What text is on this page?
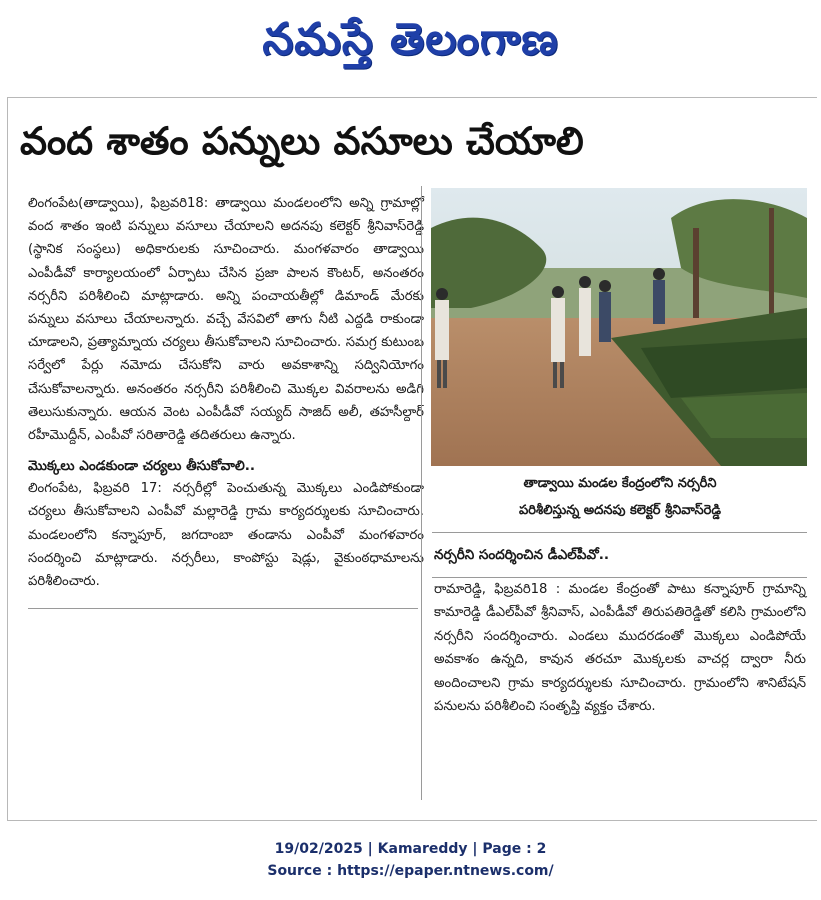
నమస్తే తెలంగాణ
వంద శాతం పన్నులు వసూలు చేయాలి

లింగంపేట(తాడ్వాయి), ఫిబ్రవరి18: తాడ్వాయి మండలంలోని అన్ని గ్రామాల్లో వంద శాతం ఇంటి పన్నులు వసూలు చేయాలని అదనపు కలెక్టర్ శ్రీనివాస్‌రెడ్డి (స్థానిక సంస్థలు) అధికారులకు సూచించారు. మంగళవారం తాడ్వాయి ఎంపీడీవో కార్యాలయంలో ఏర్పాటు చేసిన ప్రజా పాలన కౌంటర్, అనంతరం నర్సరీని పరిశీలించి మాట్లాడారు. అన్ని పంచాయతీల్లో డిమాండ్ మేరకు పన్నులు వసూలు చేయాలన్నారు. వచ్చే వేసవిలో తాగు నీటి ఎద్దడి రాకుండా చూడాలని, ప్రత్యామ్నాయ చర్యలు తీసుకోవాలని సూచించారు. సమగ్ర కుటుంబ సర్వేలో పేర్లు నమోదు చేసుకోని వారు అవకాశాన్ని సద్వినియోగం చేసుకోవాలన్నారు. అనంతరం నర్సరీని పరిశీలించి మొక్కల వివరాలను అడిగి తెలుసుకున్నారు. ఆయన వెంట ఎంపీడీవో సయ్యద్ సాజిద్ అలీ, తహసీల్దార్ రహీమొద్దీన్, ఎంపీవో సరితారెడ్డి తదితరులు ఉన్నారు.

మొక్కలు ఎండకుండా చర్యలు తీసుకోవాలి..

లింగంపేట, ఫిబ్రవరి 17: నర్సరీల్లో పెంచుతున్న మొక్కలు ఎండిపోకుండా చర్యలు తీసుకోవాలని ఎంపీవో మల్లారెడ్డి గ్రామ కార్యదర్శులకు సూచించారు. మండలంలోని కన్నాపూర్, జగదాంబా తండాను ఎంపీవో మంగళవారం సందర్శించి మాట్లాడారు. నర్సరీలు, కాంపోస్టు షెడ్లు, వైకుంఠధామాలను పరిశీలించారు.

తాడ్వాయి మండల కేంద్రంలోని నర్సరీని
పరిశీలిస్తున్న అదనపు కలెక్టర్ శ్రీనివాస్‌రెడ్డి

నర్సరీని సందర్శించిన డీఎల్‌పీవో..

రామారెడ్డి, ఫిబ్రవరి18 : మండల కేంద్రంతో పాటు కన్నాపూర్ గ్రామాన్ని కామారెడ్డి డీఎల్‌పీవో శ్రీనివాస్, ఎంపీడీవో తిరుపతిరెడ్డితో కలిసి గ్రామంలోని నర్సరీని సందర్శించారు. ఎండలు ముదరడంతో మొక్కలు ఎండిపోయే అవకాశం ఉన్నది, కావున తరచూ మొక్కలకు వాచర్ల ద్వారా నీరు అందించాలని గ్రామ కార్యదర్శులకు సూచించారు. గ్రామంలోని శానిటేషన్ పనులను పరిశీలించి సంతృప్తి వ్యక్తం చేశారు.

19/02/2025 | Kamareddy | Page : 2
Source : https://epaper.ntnews.com/
